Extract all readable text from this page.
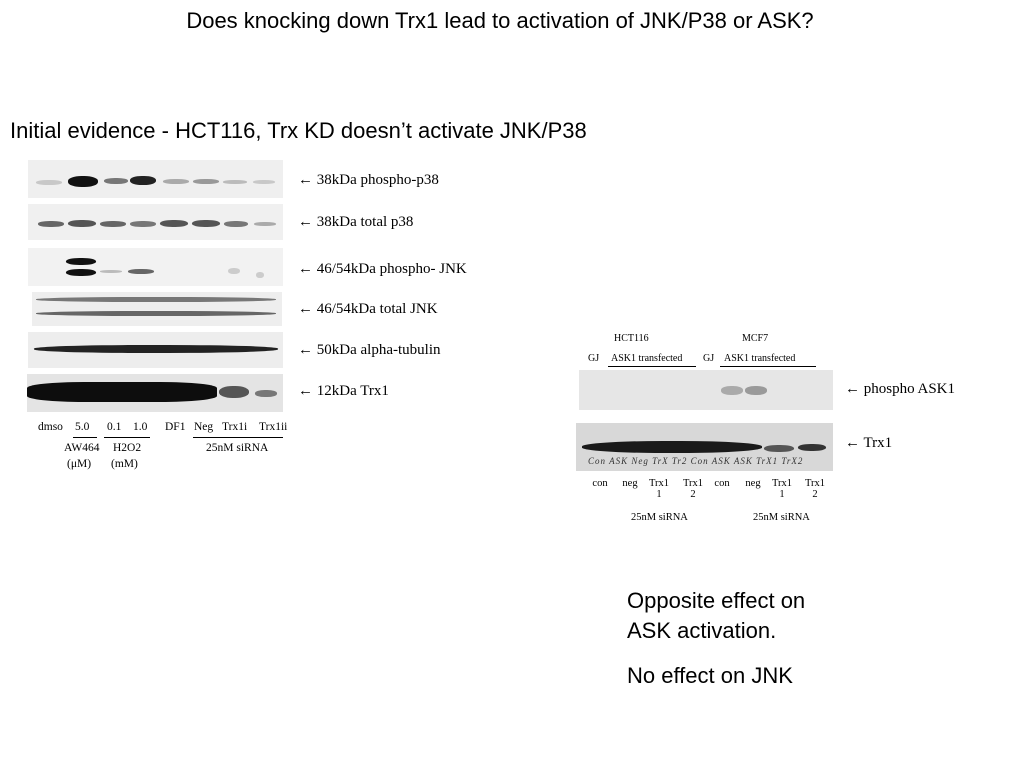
Does knocking down Trx1 lead to activation of JNK/P38 or ASK?
Initial evidence - HCT116, Trx KD doesn’t activate JNK/P38
← 38kDa phospho-p38
← 38kDa total p38
← 46/54kDa phospho- JNK
← 46/54kDa total JNK
← 50kDa alpha-tubulin
← 12kDa Trx1
dmso 5.0 0.1 1.0 DF1 Neg Trx1i Trx1ii
AW464
(μM)
H2O2
(mM)
25nM siRNA
HCT116	MCF7
GJ ASK1 transfected GJ ASK1 transfected
Con ASK Neg TrX Tr2 Con ASK ASK TrX1 TrX2
← phospho ASK1
← Trx1
con neg Trx1
1
Trx1
2
con neg Trx1
1
Trx1
2
25nM siRNA	25nM siRNA
Opposite effect on
ASK activation.
No effect on JNK
